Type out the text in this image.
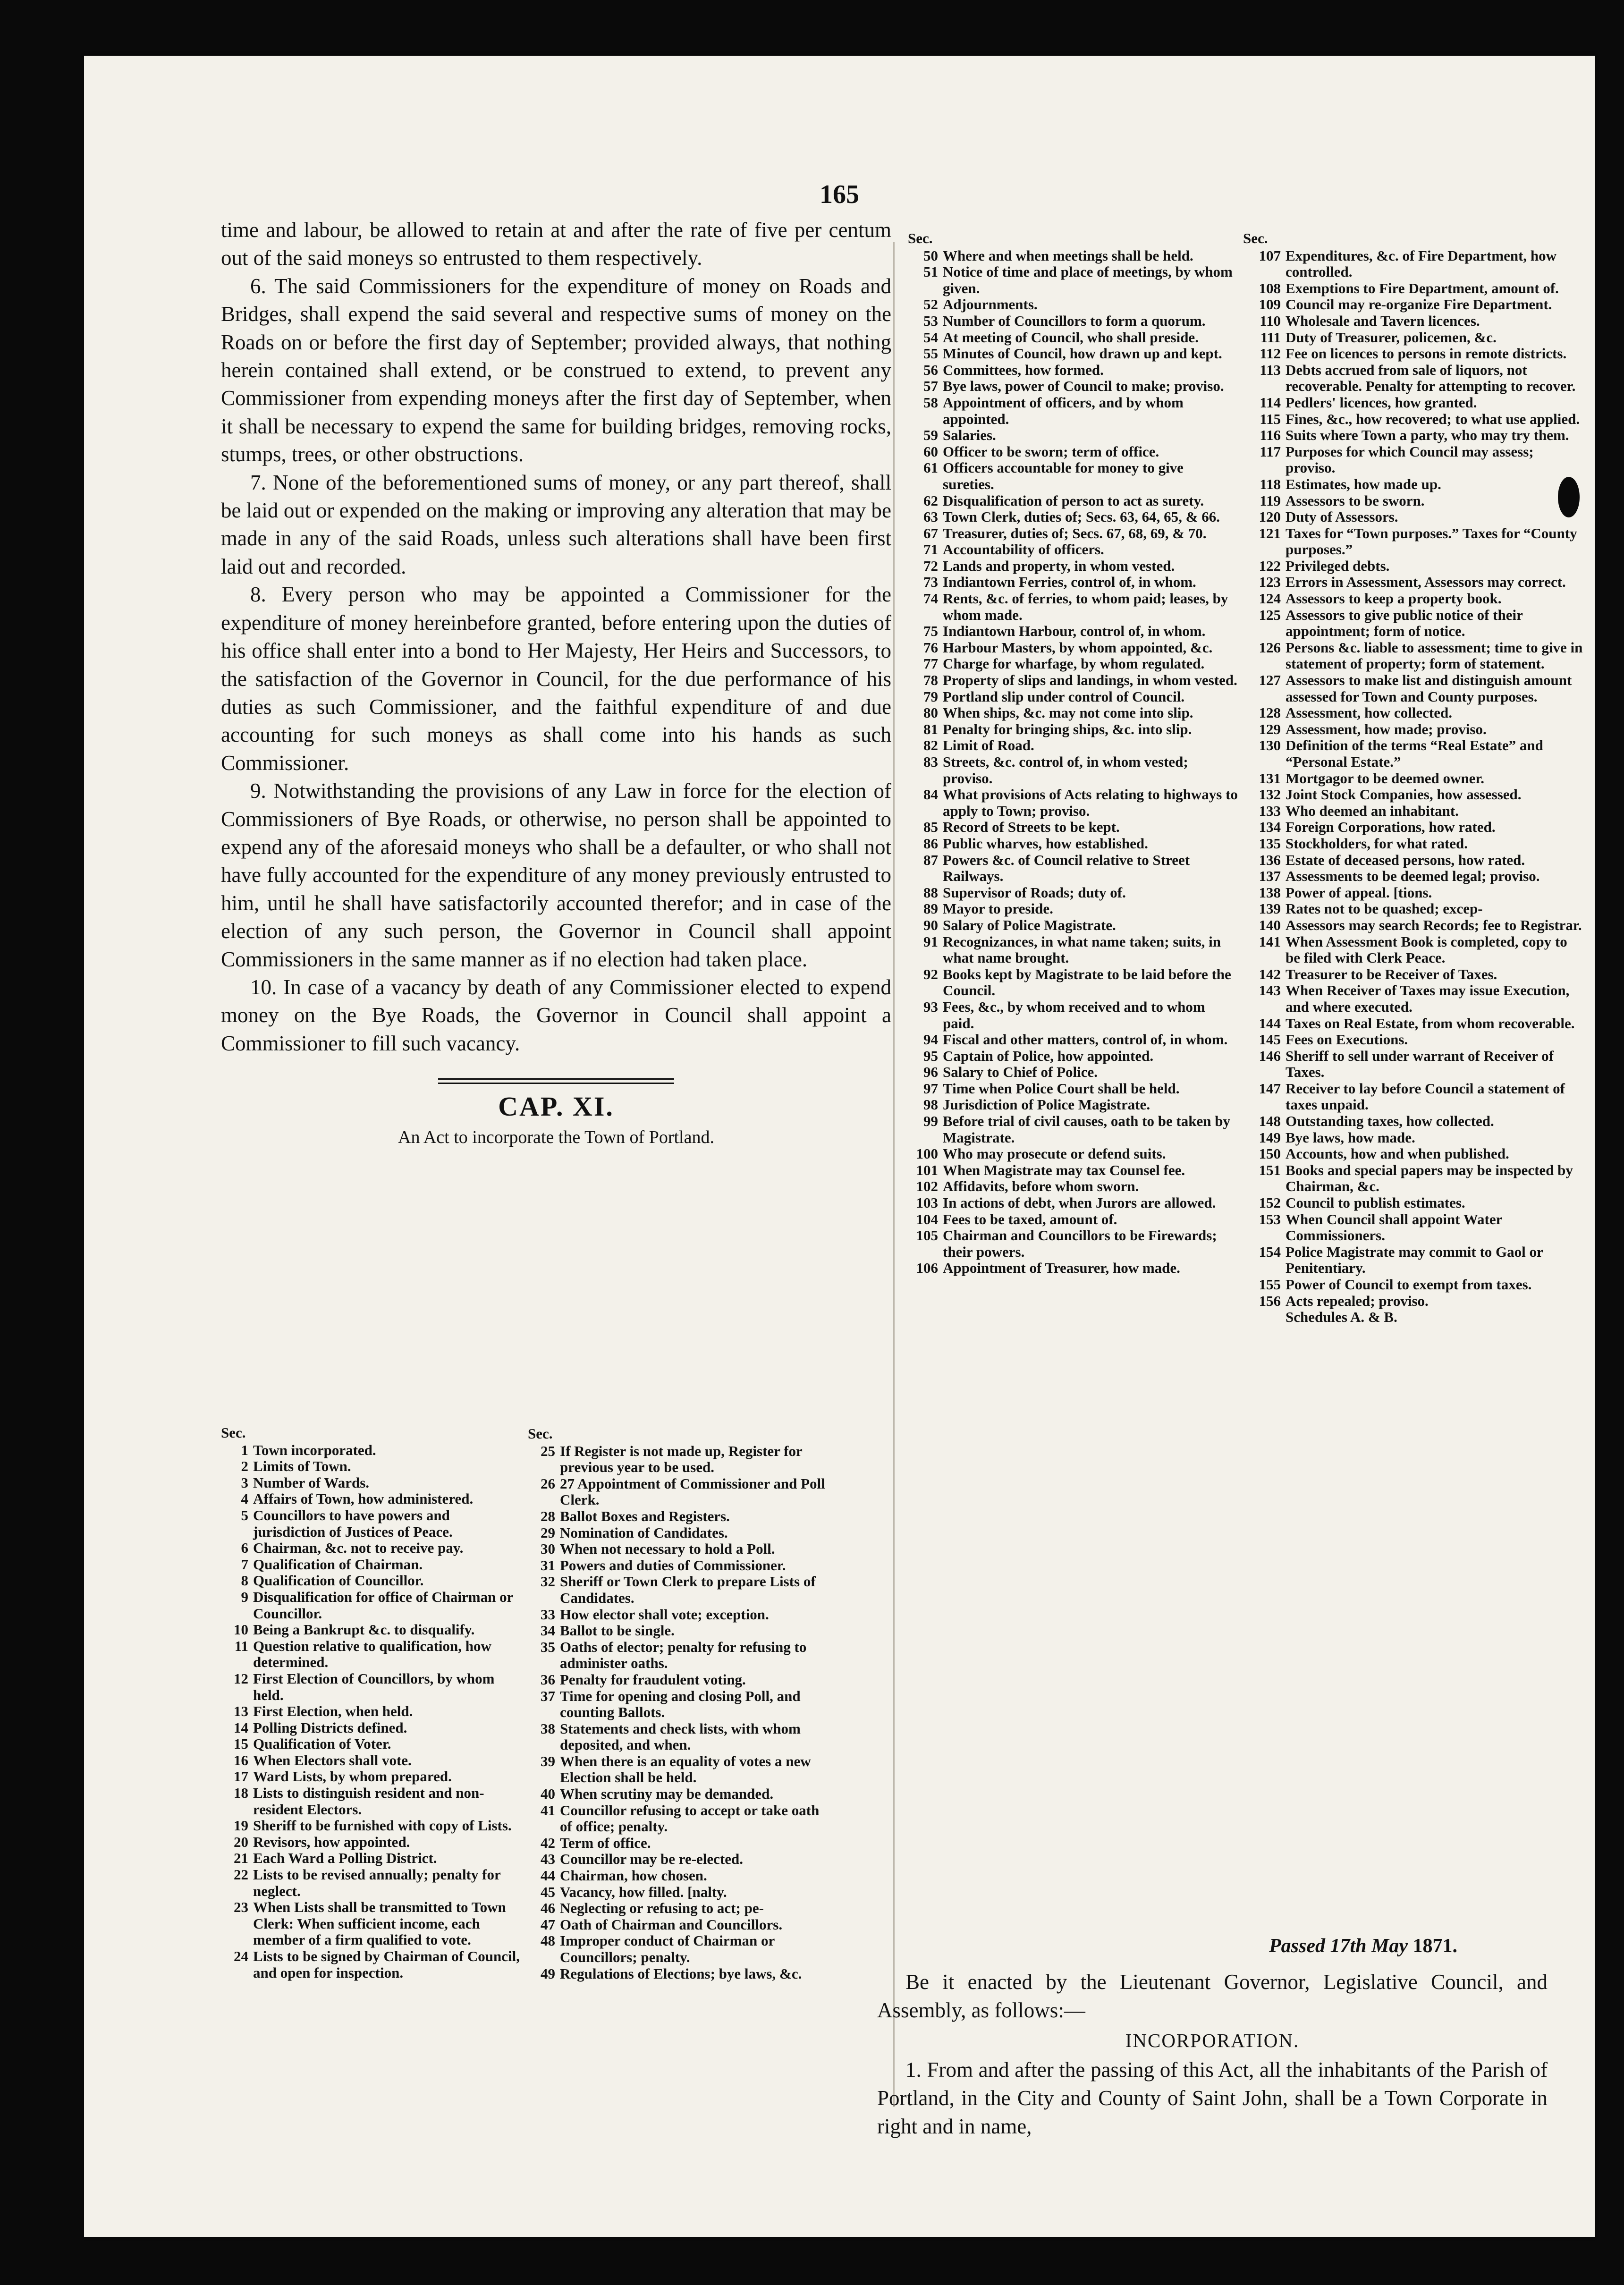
165

time and labour, be allowed to retain at and after the rate of five per centum out of the said moneys so entrusted to them respectively.

6. The said Commissioners for the expenditure of money on Roads and Bridges, shall expend the said several and respective sums of money on the Roads on or before the first day of September; provided always, that nothing herein contained shall extend, or be construed to extend, to prevent any Commissioner from expending moneys after the first day of September, when it shall be necessary to expend the same for building bridges, removing rocks, stumps, trees, or other obstructions.

7. None of the beforementioned sums of money, or any part thereof, shall be laid out or expended on the making or improving any alteration that may be made in any of the said Roads, unless such alterations shall have been first laid out and recorded.

8. Every person who may be appointed a Commissioner for the expenditure of money hereinbefore granted, before entering upon the duties of his office shall enter into a bond to Her Majesty, Her Heirs and Successors, to the satisfaction of the Governor in Council, for the due performance of his duties as such Commissioner, and the faithful expenditure of and due accounting for such moneys as shall come into his hands as such Commissioner.

9. Notwithstanding the provisions of any Law in force for the election of Commissioners of Bye Roads, or otherwise, no person shall be appointed to expend any of the aforesaid moneys who shall be a defaulter, or who shall not have fully accounted for the expenditure of any money previously entrusted to him, until he shall have satisfactorily accounted therefor; and in case of the election of any such person, the Governor in Council shall appoint Commissioners in the same manner as if no election had taken place.

10. In case of a vacancy by death of any Commissioner elected to expend money on the Bye Roads, the Governor in Council shall appoint a Commissioner to fill such vacancy.

CAP. XI.
An Act to incorporate the Town of Portland.
Sec.
1 Town incorporated.
2 Limits of Town.
3 Number of Wards.
4 Affairs of Town, how administered.
5 Councillors to have powers and jurisdiction of Justices of Peace.
6 Chairman, &c. not to receive pay.
7 Qualification of Chairman.
8 Qualification of Councillor.
9 Disqualification for office of Chairman or Councillor.
10 Being a Bankrupt &c. to disqualify.
11 Question relative to qualification, how determined.
12 First Election of Councillors, by whom held.
13 First Election, when held.
14 Polling Districts defined.
15 Qualification of Voter.
16 When Electors shall vote.
17 Ward Lists, by whom prepared.
18 Lists to distinguish resident and non-resident Electors.
19 Sheriff to be furnished with copy of Lists.
20 Revisors, how appointed.
21 Each Ward a Polling District.
22 Lists to be revised annually; penalty for neglect.
23 When Lists shall be transmitted to Town Clerk: When sufficient income, each member of a firm qualified to vote.
24 Lists to be signed by Chairman of Council, and open for inspection.
Sec.
25 If Register is not made up, Register for previous year to be used.
26 27 Appointment of Commissioner and Poll Clerk.
28 Ballot Boxes and Registers.
29 Nomination of Candidates.
30 When not necessary to hold a Poll.
31 Powers and duties of Commissioner.
32 Sheriff or Town Clerk to prepare Lists of Candidates.
33 How elector shall vote; exception.
34 Ballot to be single.
35 Oaths of elector; penalty for refusing to administer oaths.
36 Penalty for fraudulent voting.
37 Time for opening and closing Poll, and counting Ballots.
38 Statements and check lists, with whom deposited, and when.
39 When there is an equality of votes a new Election shall be held.
40 When scrutiny may be demanded.
41 Councillor refusing to accept or take oath of office; penalty.
42 Term of office.
43 Councillor may be re-elected.
44 Chairman, how chosen.
45 Vacancy, how filled. [nalty.
46 Neglecting or refusing to act; pe-
47 Oath of Chairman and Councillors.
48 Improper conduct of Chairman or Councillors; penalty.
49 Regulations of Elections; bye laws, &c.
Sec.
50 Where and when meetings shall be held.
51 Notice of time and place of meetings, by whom given.
52 Adjournments.
53 Number of Councillors to form a quorum.
54 At meeting of Council, who shall preside.
55 Minutes of Council, how drawn up and kept.
56 Committees, how formed.
57 Bye laws, power of Council to make; proviso.
58 Appointment of officers, and by whom appointed.
59 Salaries.
60 Officer to be sworn; term of office.
61 Officers accountable for money to give sureties.
62 Disqualification of person to act as surety.
63 Town Clerk, duties of; Secs. 63, 64, 65, & 66.
67 Treasurer, duties of; Secs. 67, 68, 69, & 70.
71 Accountability of officers.
72 Lands and property, in whom vested.
73 Indiantown Ferries, control of, in whom.
74 Rents, &c. of ferries, to whom paid; leases, by whom made.
75 Indiantown Harbour, control of, in whom.
76 Harbour Masters, by whom appointed, &c.
77 Charge for wharfage, by whom regulated.
78 Property of slips and landings, in whom vested.
79 Portland slip under control of Council.
80 When ships, &c. may not come into slip.
81 Penalty for bringing ships, &c. into slip.
82 Limit of Road.
83 Streets, &c. control of, in whom vested; proviso.
84 What provisions of Acts relating to highways to apply to Town; proviso.
85 Record of Streets to be kept.
86 Public wharves, how established.
87 Powers &c. of Council relative to Street Railways.
88 Supervisor of Roads; duty of.
89 Mayor to preside.
90 Salary of Police Magistrate.
91 Recognizances, in what name taken; suits, in what name brought.
92 Books kept by Magistrate to be laid before the Council.
93 Fees, &c., by whom received and to whom paid.
94 Fiscal and other matters, control of, in whom.
95 Captain of Police, how appointed.
96 Salary to Chief of Police.
97 Time when Police Court shall be held.
98 Jurisdiction of Police Magistrate.
99 Before trial of civil causes, oath to be taken by Magistrate.
100 Who may prosecute or defend suits.
101 When Magistrate may tax Counsel fee.
102 Affidavits, before whom sworn.
103 In actions of debt, when Jurors are allowed.
104 Fees to be taxed, amount of.
105 Chairman and Councillors to be Firewards; their powers.
106 Appointment of Treasurer, how made.
Sec.
107 Expenditures, &c. of Fire Department, how controlled.
108 Exemptions to Fire Department, amount of.
109 Council may re-organize Fire Department.
110 Wholesale and Tavern licences.
111 Duty of Treasurer, policemen, &c.
112 Fee on licences to persons in remote districts.
113 Debts accrued from sale of liquors, not recoverable. Penalty for attempting to recover.
114 Pedlers' licences, how granted.
115 Fines, &c., how recovered; to what use applied.
116 Suits where Town a party, who may try them.
117 Purposes for which Council may assess; proviso.
118 Estimates, how made up.
119 Assessors to be sworn.
120 Duty of Assessors.
121 Taxes for “Town purposes.” Taxes for “County purposes.”
122 Privileged debts.
123 Errors in Assessment, Assessors may correct.
124 Assessors to keep a property book.
125 Assessors to give public notice of their appointment; form of notice.
126 Persons &c. liable to assessment; time to give in statement of property; form of statement.
127 Assessors to make list and distinguish amount assessed for Town and County purposes.
128 Assessment, how collected.
129 Assessment, how made; proviso.
130 Definition of the terms “Real Estate” and “Personal Estate.”
131 Mortgagor to be deemed owner.
132 Joint Stock Companies, how assessed.
133 Who deemed an inhabitant.
134 Foreign Corporations, how rated.
135 Stockholders, for what rated.
136 Estate of deceased persons, how rated.
137 Assessments to be deemed legal; proviso.
138 Power of appeal. [tions.
139 Rates not to be quashed; excep-
140 Assessors may search Records; fee to Registrar.
141 When Assessment Book is completed, copy to be filed with Clerk Peace.
142 Treasurer to be Receiver of Taxes.
143 When Receiver of Taxes may issue Execution, and where executed.
144 Taxes on Real Estate, from whom recoverable.
145 Fees on Executions.
146 Sheriff to sell under warrant of Receiver of Taxes.
147 Receiver to lay before Council a statement of taxes unpaid.
148 Outstanding taxes, how collected.
149 Bye laws, how made.
150 Accounts, how and when published.
151 Books and special papers may be inspected by Chairman, &c.
152 Council to publish estimates.
153 When Council shall appoint Water Commissioners.
154 Police Magistrate may commit to Gaol or Penitentiary.
155 Power of Council to exempt from taxes.
156 Acts repealed; proviso.
Schedules A. & B.
Passed 17th May 1871.

Be it enacted by the Lieutenant Governor, Legislative Council, and Assembly, as follows:—

INCORPORATION.

1. From and after the passing of this Act, all the inhabitants of the Parish of Portland, in the City and County of Saint John, shall be a Town Corporate in right and in name,
